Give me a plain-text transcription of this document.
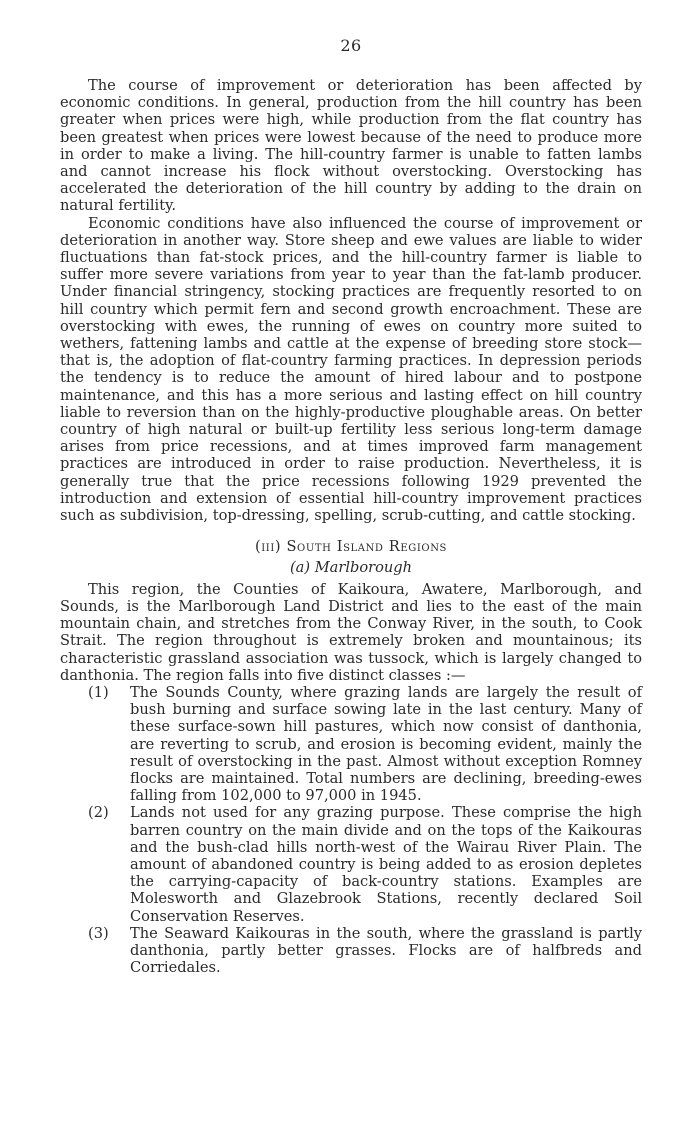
26

The course of improvement or deterioration has been affected by economic conditions. In general, production from the hill country has been greater when prices were high, while production from the flat country has been greatest when prices were lowest because of the need to produce more in order to make a living. The hill-country farmer is unable to fatten lambs and cannot increase his flock without overstocking. Overstocking has accelerated the deterioration of the hill country by adding to the drain on natural fertility.

Economic conditions have also influenced the course of improvement or deterioration in another way. Store sheep and ewe values are liable to wider fluctuations than fat-stock prices, and the hill-country farmer is liable to suffer more severe variations from year to year than the fat-lamb producer. Under financial stringency, stocking practices are frequently resorted to on hill country which permit fern and second growth encroachment. These are overstocking with ewes, the running of ewes on country more suited to wethers, fattening lambs and cattle at the expense of breeding store stock—that is, the adoption of flat-country farming practices. In depression periods the tendency is to reduce the amount of hired labour and to postpone maintenance, and this has a more serious and lasting effect on hill country liable to reversion than on the highly-productive ploughable areas. On better country of high natural or built-up fertility less serious long-term damage arises from price recessions, and at times improved farm management practices are introduced in order to raise production. Nevertheless, it is generally true that the price recessions following 1929 prevented the introduction and extension of essential hill-country improvement practices such as subdivision, top-dressing, spelling, scrub-cutting, and cattle stocking.

(iii) South Island Regions
(a) Marlborough

This region, the Counties of Kaikoura, Awatere, Marlborough, and Sounds, is the Marlborough Land District and lies to the east of the main mountain chain, and stretches from the Conway River, in the south, to Cook Strait. The region throughout is extremely broken and mountainous; its characteristic grassland association was tussock, which is largely changed to danthonia. The region falls into five distinct classes :—

(1) The Sounds County, where grazing lands are largely the result of bush burning and surface sowing late in the last century. Many of these surface-sown hill pastures, which now consist of danthonia, are reverting to scrub, and erosion is becoming evident, mainly the result of overstocking in the past. Almost without exception Romney flocks are maintained. Total numbers are declining, breeding-ewes falling from 102,000 to 97,000 in 1945.
(2) Lands not used for any grazing purpose. These comprise the high barren country on the main divide and on the tops of the Kaikouras and the bush-clad hills north-west of the Wairau River Plain. The amount of abandoned country is being added to as erosion depletes the carrying-capacity of back-country stations. Examples are Molesworth and Glazebrook Stations, recently declared Soil Conservation Reserves.
(3) The Seaward Kaikouras in the south, where the grassland is partly danthonia, partly better grasses. Flocks are of halfbreds and Corriedales.
